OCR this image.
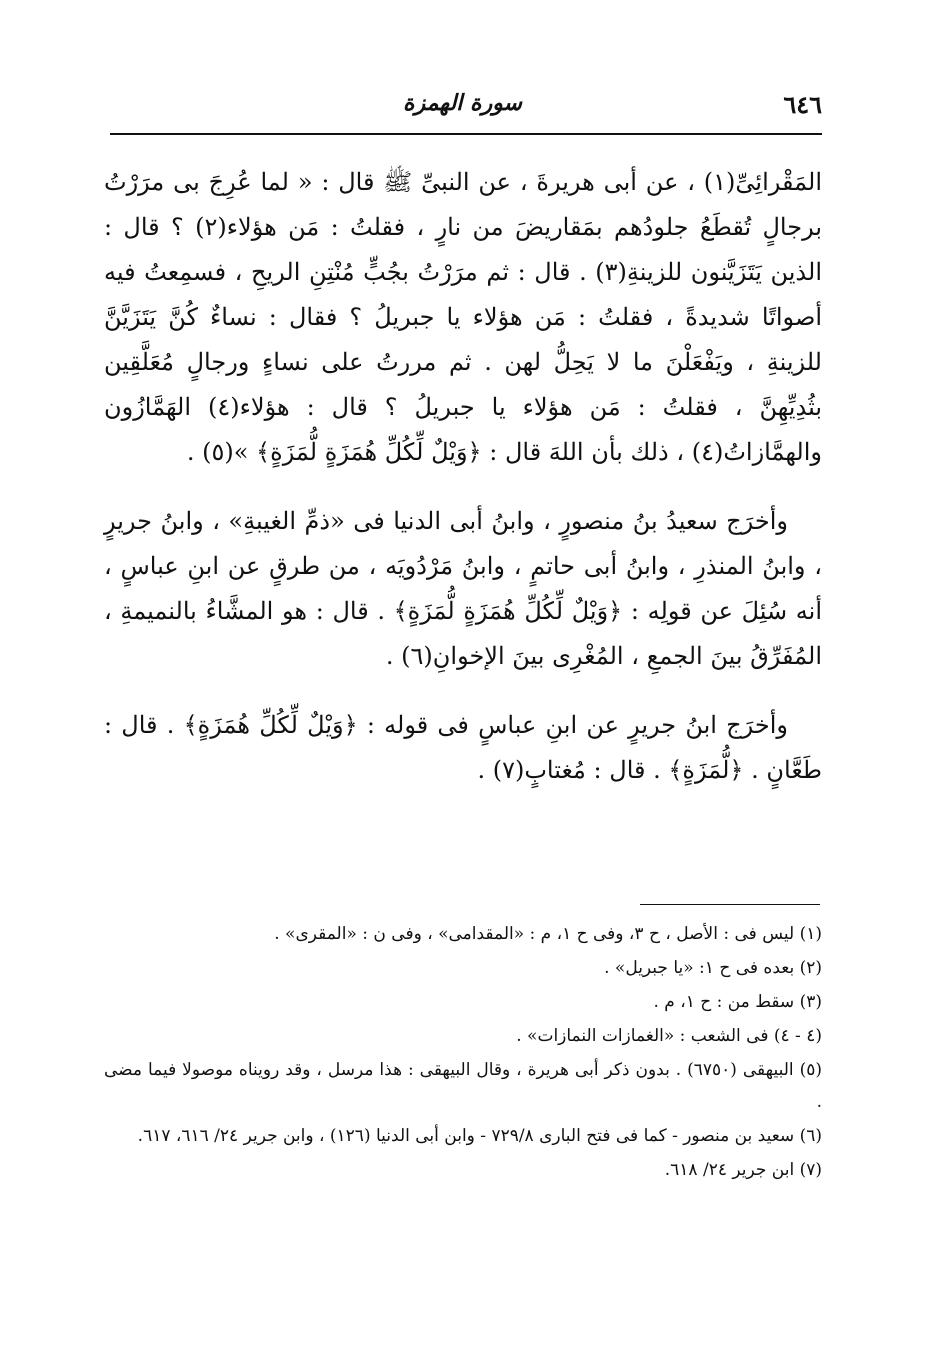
٦٤٦
سورة الهمزة

المَقْرائِىِّ(١) ، عن أبى هريرةَ ، عن النبىِّ ﷺ قال : « لما عُرِجَ بى مرَرْتُ برجالٍ تُقطَعُ جلودُهم بمَقاريضَ من نارٍ ، فقلتُ : مَن هؤلاء(٢) ؟ قال : الذين يَتَزَيَّنون للزينةِ(٣) . قال : ثم مرَرْتُ بجُبٍّ مُنْتِنِ الريحِ ، فسمِعتُ فيه أصواتًا شديدةً ، فقلتُ : مَن هؤلاء يا جبريلُ ؟ فقال : نساءٌ كُنَّ يَتَزَيَّنَّ للزينةِ ، ويَفْعَلْنَ ما لا يَحِلُّ لهن . ثم مررتُ على نساءٍ ورجالٍ مُعَلَّقِين بثُدِيِّهِنَّ ، فقلتُ : مَن هؤلاء يا جبريلُ ؟ قال : هؤلاء(٤) الهَمَّازُون والهمَّازاتُ(٤) ، ذلك بأن اللهَ قال : ﴿وَيْلٌ لِّكُلِّ هُمَزَةٍ لُّمَزَةٍ﴾ »(٥) .

وأخرَج سعيدُ بنُ منصورٍ ، وابنُ أبى الدنيا فى «ذمِّ الغيبةِ» ، وابنُ جريرٍ ، وابنُ المنذرِ ، وابنُ أبى حاتمٍ ، وابنُ مَرْدُويَه ، من طرقٍ عن ابنِ عباسٍ ، أنه سُئِلَ عن قولِه : ﴿وَيْلٌ لِّكُلِّ هُمَزَةٍ لُّمَزَةٍ﴾ . قال : هو المشَّاءُ بالنميمةِ ، المُفَرِّقُ بينَ الجمعِ ، المُغْرِى بينَ الإخوانِ(٦) .

وأخرَج ابنُ جريرٍ عن ابنِ عباسٍ فى قوله : ﴿وَيْلٌ لِّكُلِّ هُمَزَةٍ﴾ . قال : طَعَّانٍ . ﴿لُّمَزَةٍ﴾ . قال : مُغتابٍ(٧) .

(١) ليس فى : الأصل ، ح ٣، وفى ح ١، م : «المقدامى» ، وفى ن : «المقرى» .

(٢) بعده فى ح ١: «يا جبريل» .

(٣) سقط من : ح ١، م .

(٤ - ٤) فى الشعب : «الغمازات النمازات» .

(٥) البيهقى (٦٧٥٠) . بدون ذكر أبى هريرة ، وقال البيهقى : هذا مرسل ، وقد رويناه موصولا فيما مضى .

(٦) سعيد بن منصور - كما فى فتح البارى ٧٢٩/٨ - وابن أبى الدنيا (١٢٦) ، وابن جرير ٢٤/ ٦١٦، ٦١٧.

(٧) ابن جرير ٢٤/ ٦١٨.
